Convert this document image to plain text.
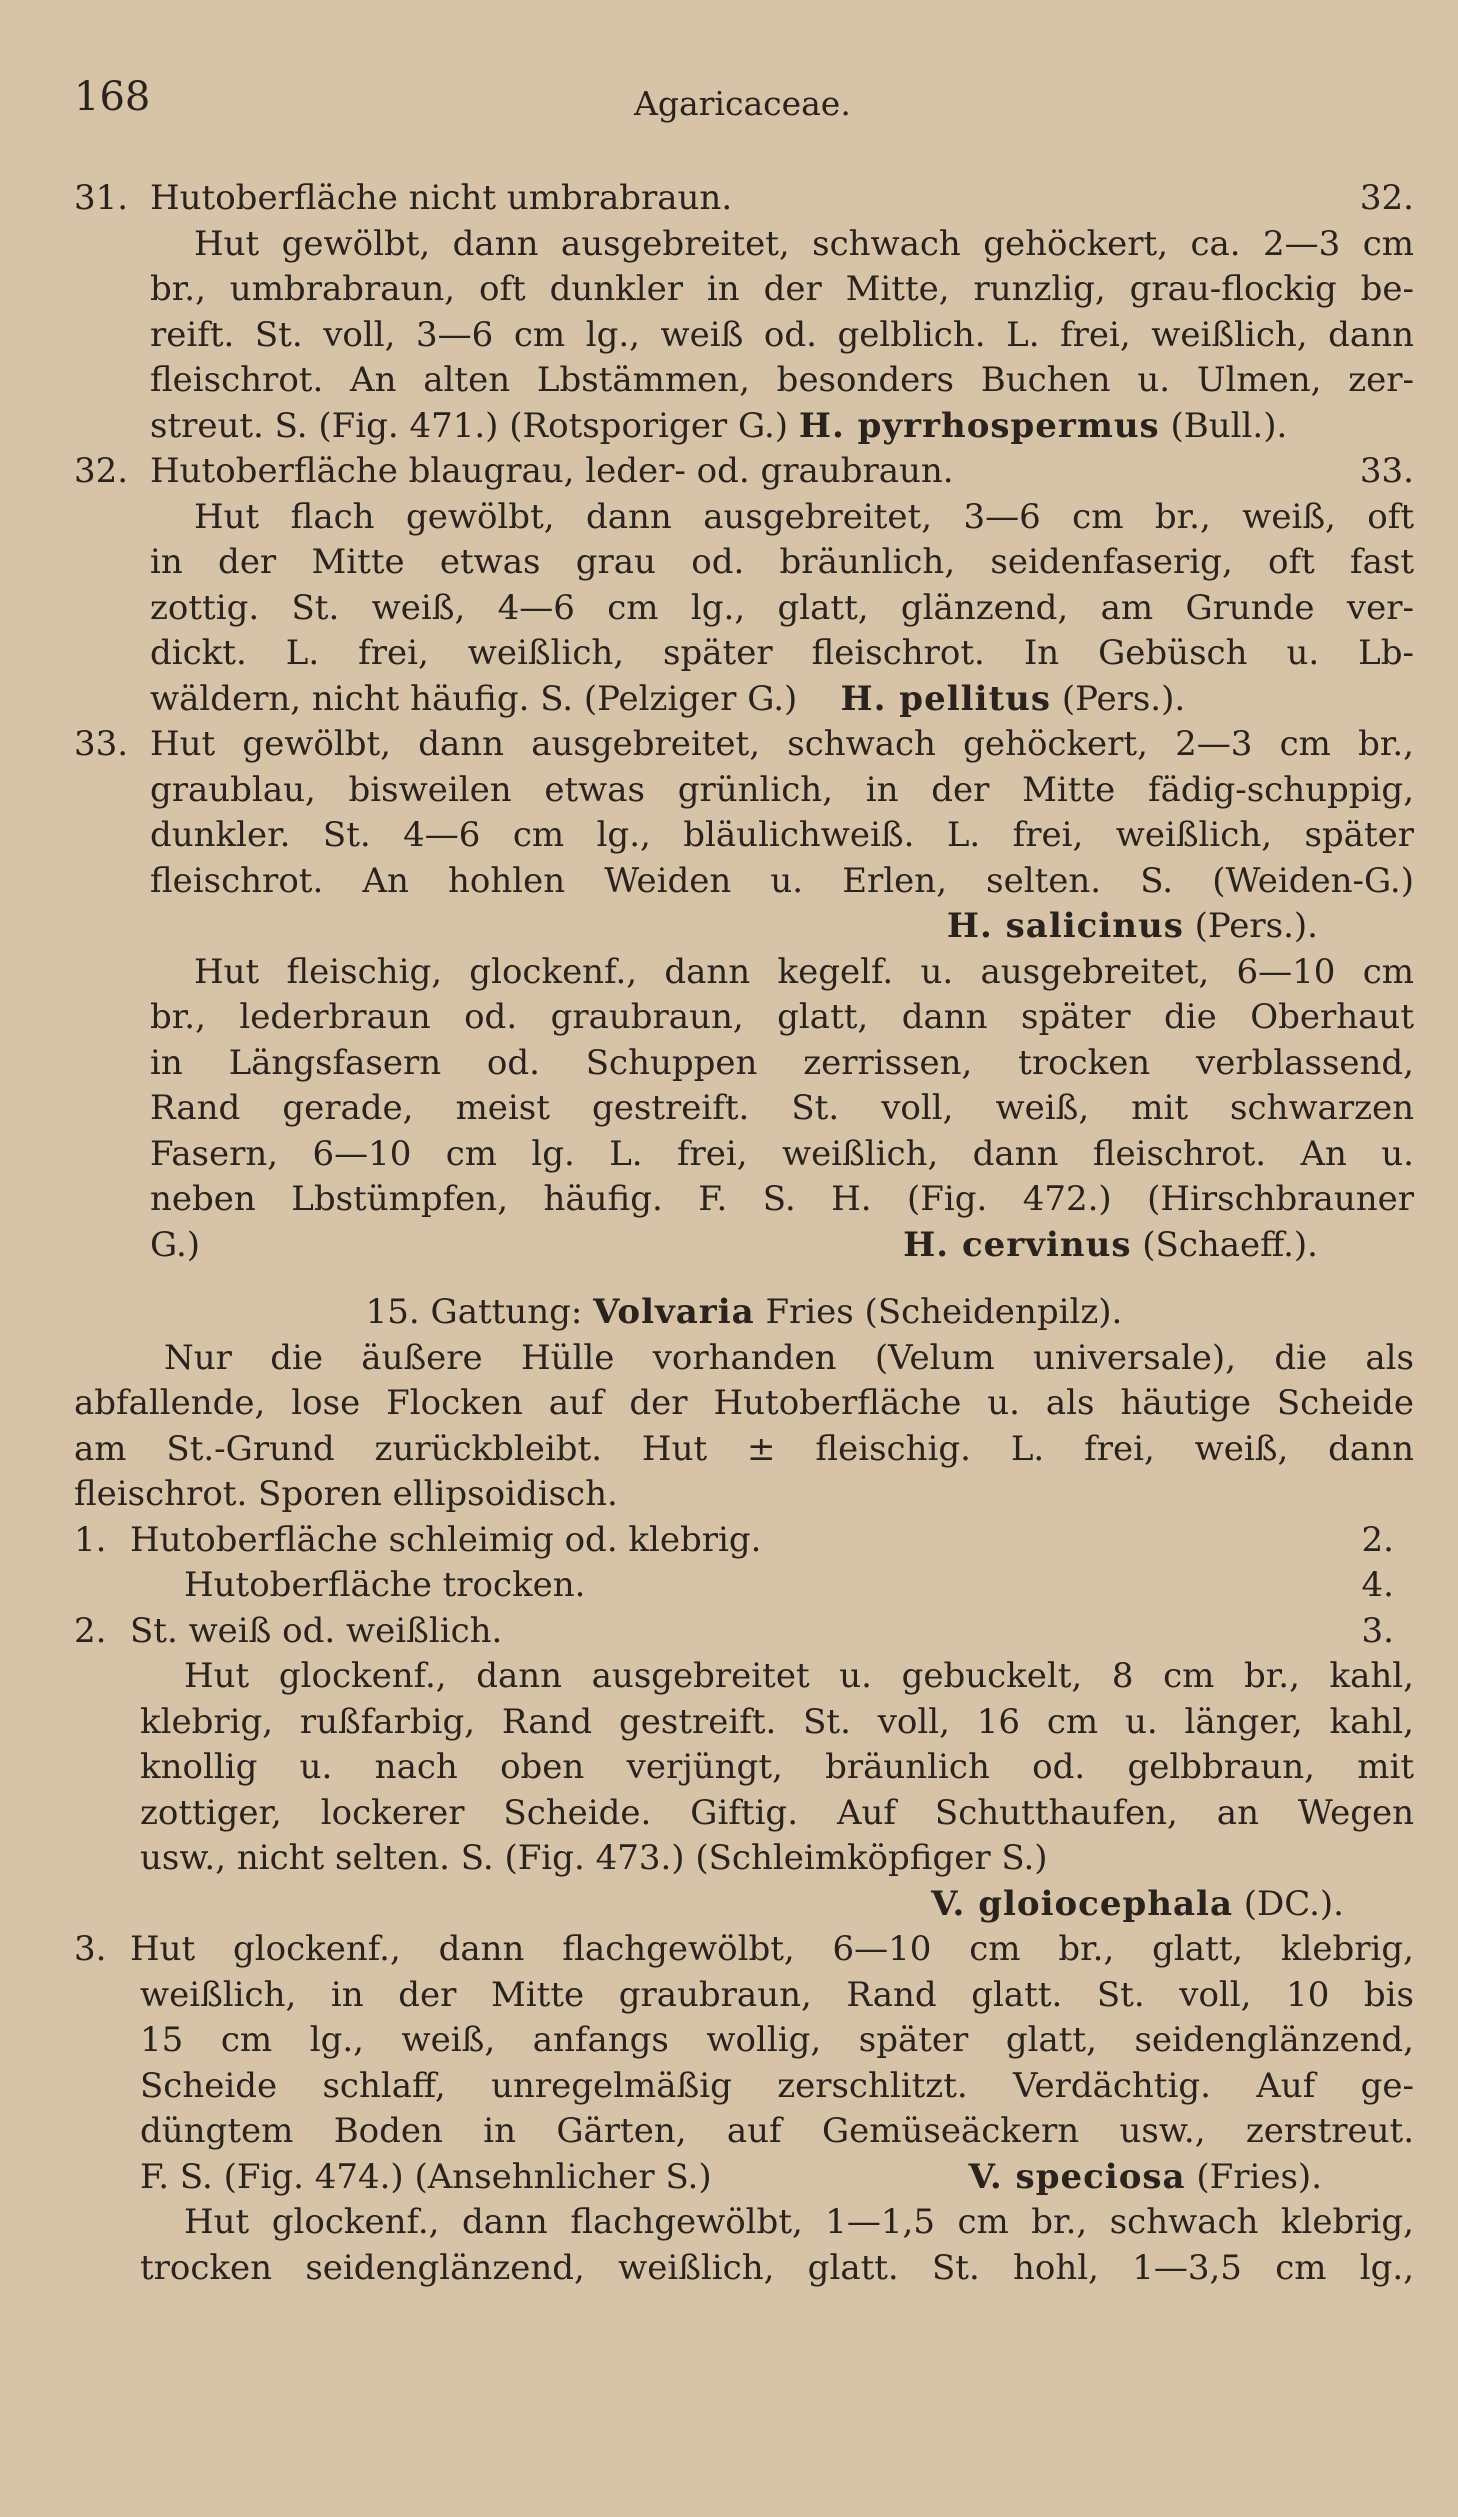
168	Agaricaceae.
31. Hutoberfläche nicht umbrabraun.	32.
Hut gewölbt, dann ausgebreitet, schwach gehöckert, ca. 2—3 cm
br., umbrabraun, oft dunkler in der Mitte, runzlig, grau-flockig be-
reift. St. voll, 3—6 cm lg., weiß od. gelblich. L. frei, weißlich, dann
fleischrot. An alten Lbstämmen, besonders Buchen u. Ulmen, zer-
streut. S. (Fig. 471.) (Rotsporiger G.) H. pyrrhospermus (Bull.).
32. Hutoberfläche blaugrau, leder- od. graubraun.	33.
Hut flach gewölbt, dann ausgebreitet, 3—6 cm br., weiß, oft
in der Mitte etwas grau od. bräunlich, seidenfaserig, oft fast
zottig. St. weiß, 4—6 cm lg., glatt, glänzend, am Grunde ver-
dickt. L. frei, weißlich, später fleischrot. In Gebüsch u. Lb-
wäldern, nicht häufig. S. (Pelziger G.) H. pellitus (Pers.).
33. Hut gewölbt, dann ausgebreitet, schwach gehöckert, 2—3 cm br.,
graublau, bisweilen etwas grünlich, in der Mitte fädig-schuppig,
dunkler. St. 4—6 cm lg., bläulichweiß. L. frei, weißlich, später
fleischrot. An hohlen Weiden u. Erlen, selten. S. (Weiden-G.)
H. salicinus (Pers.).
Hut fleischig, glockenf., dann kegelf. u. ausgebreitet, 6—10 cm
br., lederbraun od. graubraun, glatt, dann später die Oberhaut
in Längsfasern od. Schuppen zerrissen, trocken verblassend,
Rand gerade, meist gestreift. St. voll, weiß, mit schwarzen
Fasern, 6—10 cm lg. L. frei, weißlich, dann fleischrot. An u.
neben Lbstümpfen, häufig. F. S. H. (Fig. 472.) (Hirschbrauner
G.)	H. cervinus (Schaeff.).
15. Gattung: Volvaria Fries (Scheidenpilz).
Nur die äußere Hülle vorhanden (Velum universale), die als
abfallende, lose Flocken auf der Hutoberfläche u. als häutige Scheide
am St.-Grund zurückbleibt. Hut ± fleischig. L. frei, weiß, dann
fleischrot. Sporen ellipsoidisch.
1. Hutoberfläche schleimig od. klebrig.	2.
Hutoberfläche trocken.	4.
2. St. weiß od. weißlich.	3.
Hut glockenf., dann ausgebreitet u. gebuckelt, 8 cm br., kahl,
klebrig, rußfarbig, Rand gestreift. St. voll, 16 cm u. länger, kahl,
knollig u. nach oben verjüngt, bräunlich od. gelbbraun, mit
zottiger, lockerer Scheide. Giftig. Auf Schutthaufen, an Wegen
usw., nicht selten. S. (Fig. 473.) (Schleimköpfiger S.)
V. gloiocephala (DC.).
3. Hut glockenf., dann flachgewölbt, 6—10 cm br., glatt, klebrig,
weißlich, in der Mitte graubraun, Rand glatt. St. voll, 10 bis
15 cm lg., weiß, anfangs wollig, später glatt, seidenglänzend,
Scheide schlaff, unregelmäßig zerschlitzt. Verdächtig. Auf ge-
düngtem Boden in Gärten, auf Gemüseäckern usw., zerstreut.
F. S. (Fig. 474.) (Ansehnlicher S.)	V. speciosa (Fries).
Hut glockenf., dann flachgewölbt, 1—1,5 cm br., schwach klebrig,
trocken seidenglänzend, weißlich, glatt. St. hohl, 1—3,5 cm lg.,
